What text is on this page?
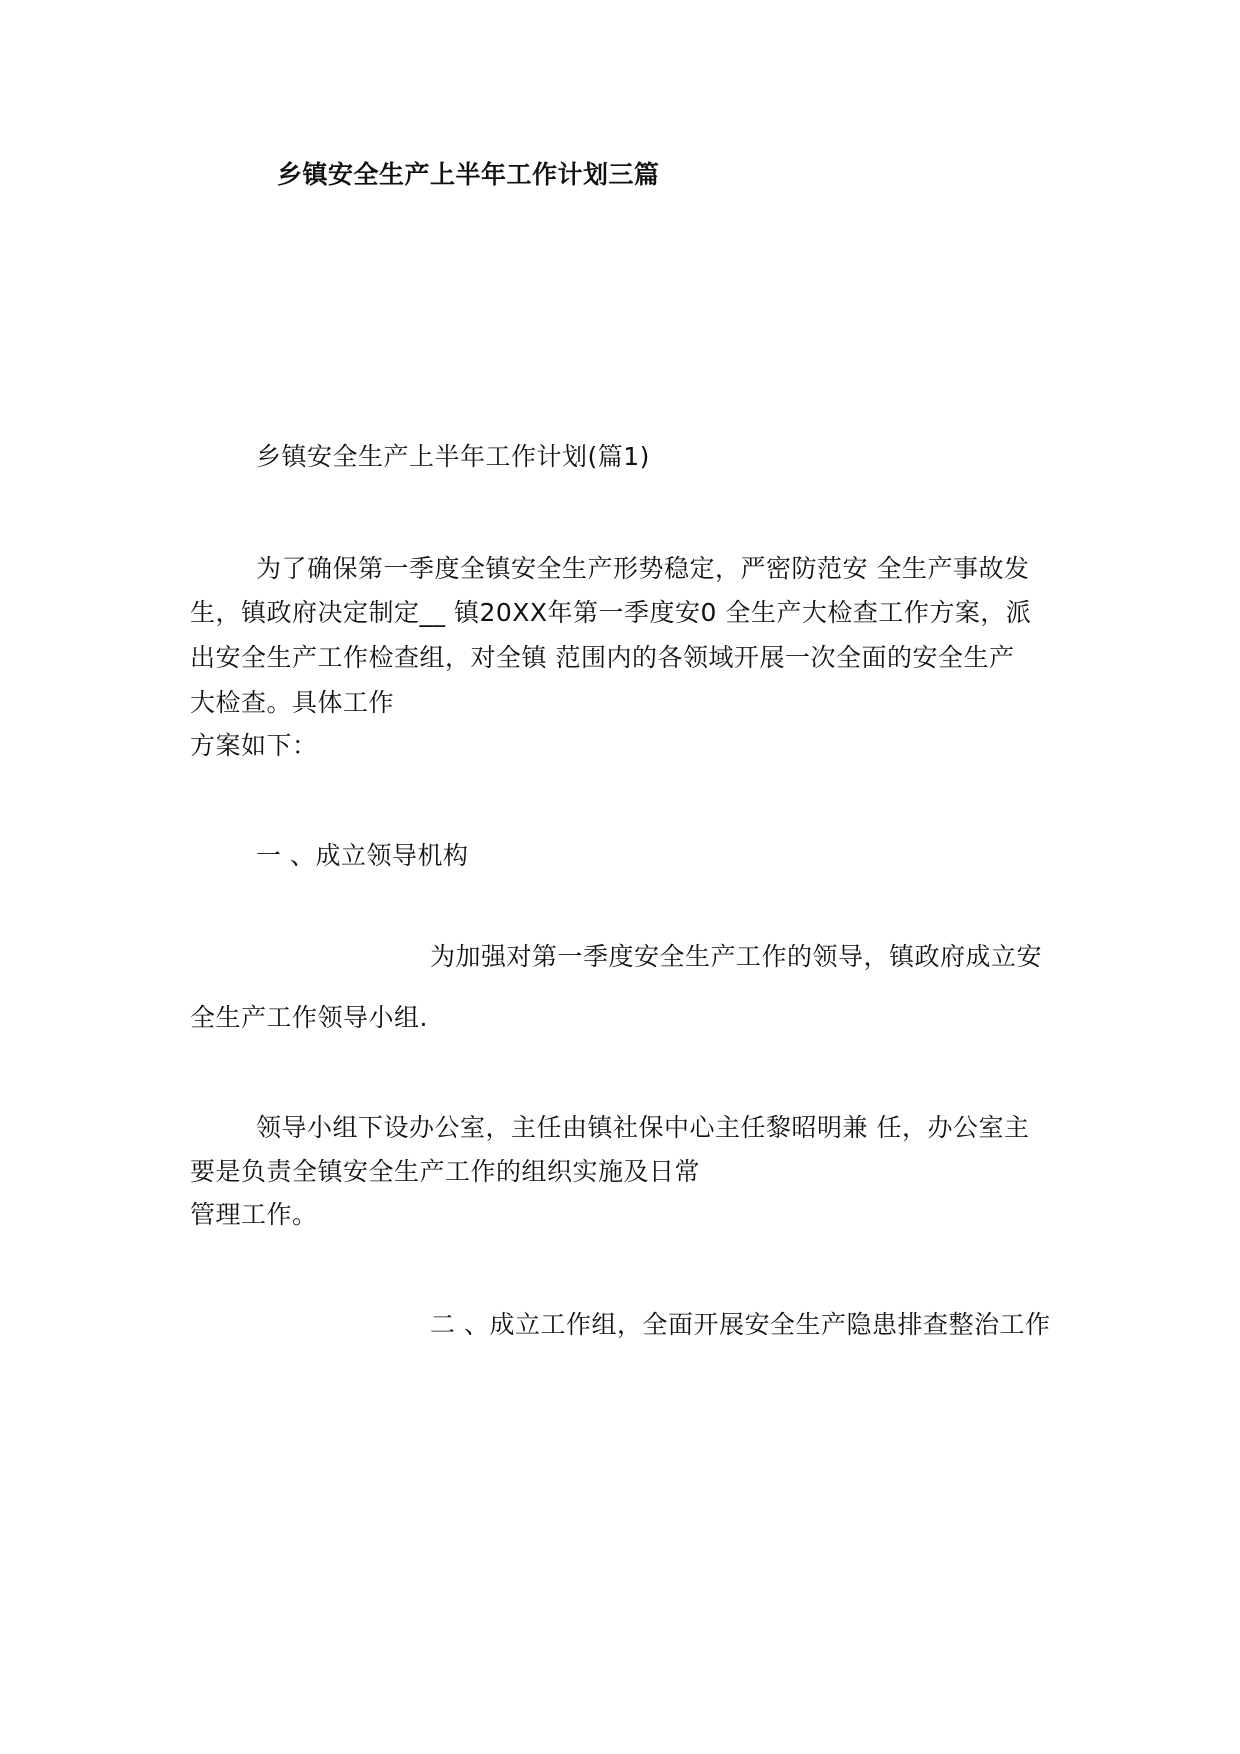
乡镇安全生产上半年工作计划三篇
乡镇安全生产上半年工作计划(篇1)
为了确保第一季度全镇安全生产形势稳定，严密防范安 全生产事故发
生，镇政府决定制定__ 镇20XX年第一季度安0 全生产大检查工作方案，派
出安全生产工作检查组，对全镇 范围内的各领域开展一次全面的安全生产
大检查。具体工作
方案如下：
一 、成立领导机构
为加强对第一季度安全生产工作的领导，镇政府成立安
全生产工作领导小组.
领导小组下设办公室，主任由镇社保中心主任黎昭明兼 任，办公室主
要是负责全镇安全生产工作的组织实施及日常
管理工作。
二 、成立工作组，全面开展安全生产隐患排查整治工作
